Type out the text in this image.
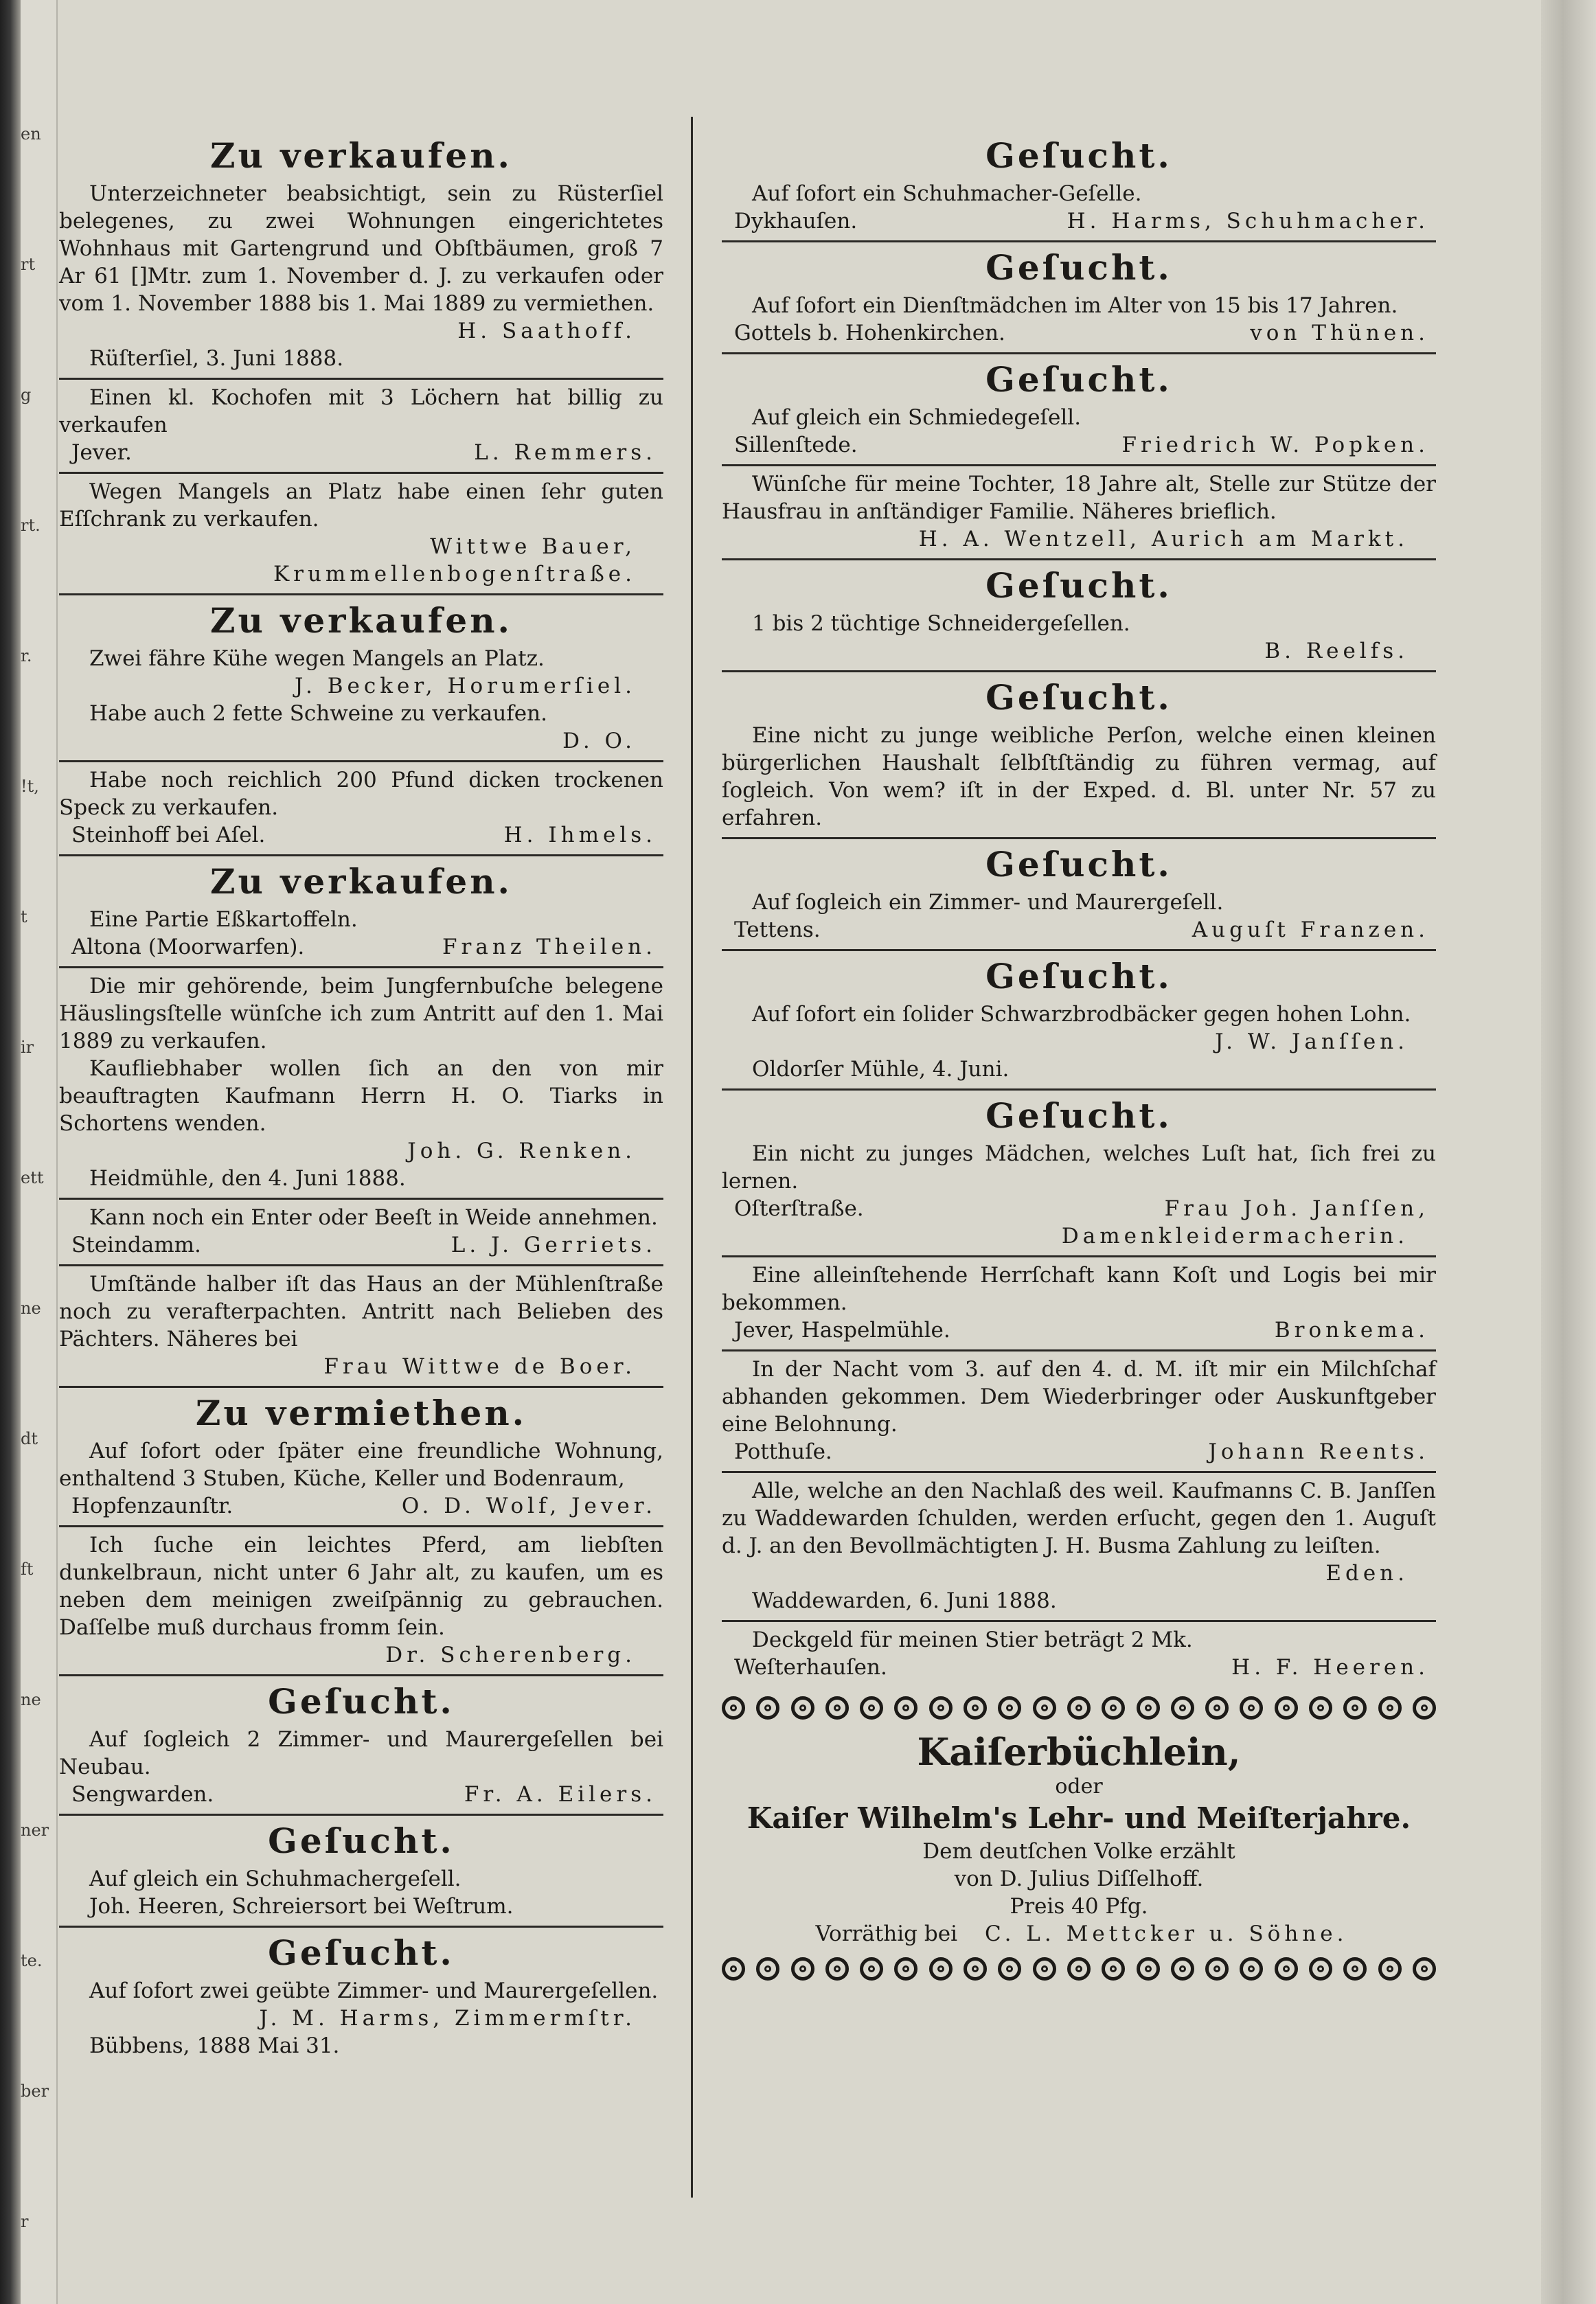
en
rt
g
rt.
r.
!t,
t
ir
ett
ne
dt
ft
ne
ner
te.
ber
r
Zu verkaufen.

Unterzeichneter beabsichtigt, sein zu Rüsterſiel belegenes, zu zwei Wohnungen eingerichtetes Wohnhaus mit Gartengrund und Obſtbäumen, groß 7 Ar 61 []Mtr. zum 1. November d. J. zu verkaufen oder vom 1. November 1888 bis 1. Mai 1889 zu vermiethen.

H. Saathoff.
Rüſterſiel, 3. Juni 1888.

Einen kl. Kochofen mit 3 Löchern hat billig zu verkaufen

Jever.	L. Remmers.

Wegen Mangels an Platz habe einen ſehr guten Eſſchrank zu verkaufen.

Wittwe Bauer,
Krummellenbogenſtraße.
Zu verkaufen.

Zwei fähre Kühe wegen Mangels an Platz.

J. Becker, Horumerſiel.

Habe auch 2 fette Schweine zu verkaufen.

D. O.

Habe noch reichlich 200 Pfund dicken trockenen Speck zu verkaufen.

Steinhoff bei Aſel.	H. Ihmels.
Zu verkaufen.

Eine Partie Eßkartoffeln.

Altona (Moorwarfen).	Franz Theilen.

Die mir gehörende, beim Jungfernbuſche belegene Häuslingsſtelle wünſche ich zum Antritt auf den 1. Mai 1889 zu verkaufen.

Kaufliebhaber wollen ſich an den von mir beauftragten Kaufmann Herrn H. O. Tiarks in Schortens wenden.

Joh. G. Renken.
Heidmühle, den 4. Juni 1888.

Kann noch ein Enter oder Beeſt in Weide annehmen.

Steindamm.	L. J. Gerriets.

Umſtände halber iſt das Haus an der Mühlenſtraße noch zu verafterpachten. Antritt nach Belieben des Pächters. Näheres bei

Frau Wittwe de Boer.
Zu vermiethen.

Auf ſofort oder ſpäter eine freundliche Wohnung, enthaltend 3 Stuben, Küche, Keller und Bodenraum,

Hopfenzaunſtr.	O. D. Wolf, Jever.

Ich ſuche ein leichtes Pferd, am liebſten dunkelbraun, nicht unter 6 Jahr alt, zu kaufen, um es neben dem meinigen zweiſpännig zu gebrauchen. Daſſelbe muß durchaus fromm ſein.

Dr. Scherenberg.
Geſucht.

Auf ſogleich 2 Zimmer- und Maurergeſellen bei Neubau.

Sengwarden.	Fr. A. Eilers.
Geſucht.

Auf gleich ein Schuhmachergeſell.

Joh. Heeren, Schreiersort bei Weſtrum.
Geſucht.

Auf ſofort zwei geübte Zimmer- und Maurergeſellen.

J. M. Harms, Zimmermſtr.
Bübbens, 1888 Mai 31.
Geſucht.

Auf ſofort ein Schuhmacher-Geſelle.

Dykhauſen.	H. Harms, Schuhmacher.
Geſucht.

Auf ſofort ein Dienſtmädchen im Alter von 15 bis 17 Jahren.

Gottels b. Hohenkirchen.	von Thünen.
Geſucht.

Auf gleich ein Schmiedegeſell.

Sillenſtede.	Friedrich W. Popken.

Wünſche für meine Tochter, 18 Jahre alt, Stelle zur Stütze der Hausfrau in anſtändiger Familie. Näheres brieflich.

H. A. Wentzell, Aurich am Markt.
Geſucht.

1 bis 2 tüchtige Schneidergeſellen.

B. Reelfs.
Geſucht.

Eine nicht zu junge weibliche Perſon, welche einen kleinen bürgerlichen Haushalt ſelbſtſtändig zu führen vermag, auf ſogleich. Von wem? iſt in der Exped. d. Bl. unter Nr. 57 zu erfahren.

Geſucht.

Auf ſogleich ein Zimmer- und Maurergeſell.

Tettens.	Auguſt Franzen.
Geſucht.

Auf ſofort ein ſolider Schwarzbrodbäcker gegen hohen Lohn.

J. W. Janſſen.
Oldorſer Mühle, 4. Juni.
Geſucht.

Ein nicht zu junges Mädchen, welches Luſt hat, ſich frei zu lernen.

Oſterſtraße.	Frau Joh. Janſſen,
Damenkleidermacherin.

Eine alleinſtehende Herrſchaft kann Koſt und Logis bei mir bekommen.

Jever, Haspelmühle.	Bronkema.

In der Nacht vom 3. auf den 4. d. M. iſt mir ein Milchſchaf abhanden gekommen. Dem Wiederbringer oder Auskunftgeber eine Belohnung.

Potthuſe.	Johann Reents.

Alle, welche an den Nachlaß des weil. Kaufmanns C. B. Janſſen zu Waddewarden ſchulden, werden erſucht, gegen den 1. Auguſt d. J. an den Bevollmächtigten J. H. Busma Zahlung zu leiſten.

Eden.
Waddewarden, 6. Juni 1888.

Deckgeld für meinen Stier beträgt 2 Mk.

Weſterhauſen.	H. F. Heeren.
Kaiſerbüchlein,
oder
Kaiſer Wilhelm's Lehr- und Meiſterjahre.
Dem deutſchen Volke erzählt
von D. Julius Diſſelhoff.
Preis 40 Pfg.
Vorräthig bei C. L. Mettcker u. Söhne.
